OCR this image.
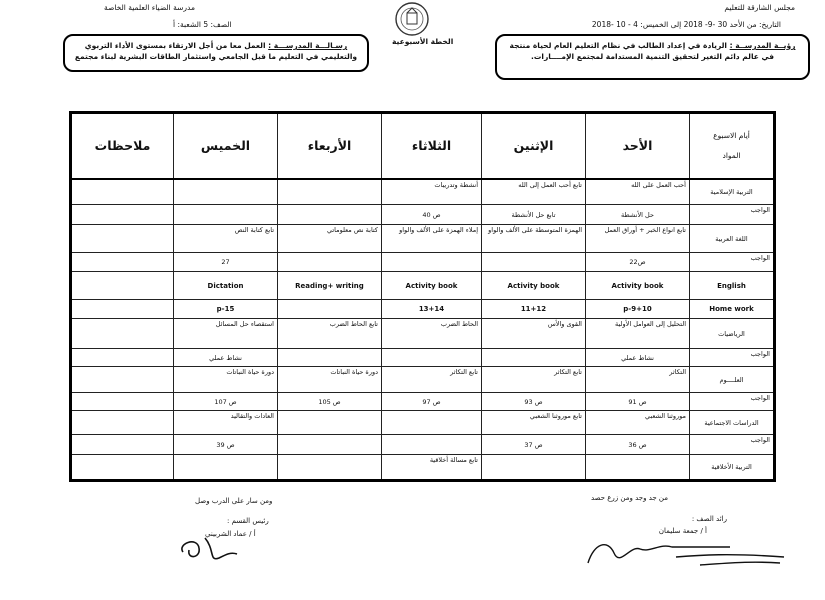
مجلس الشارقة للتعليم
مدرسة الضياء العلمية الخاصة
التاريخ: من الأحد 30 -9- 2018 إلى الخميس: 4 - 10 -2018
الصف: 5 الشعبة: أ
الخطة الأسبوعية	رؤيــة المدرســة : الريادة في إعداد الطالب في نظام التعليم العام لحياة منتجة في عالم دائم التغير لتحقيق التنمية المستدامة لمجتمع الإمــــارات.
رسـالـــة المدرســـة : العمل معا من أجل الارتقاء بمستوى الأداء التربوي والتعليمي في التعليم ما قبل الجامعي واستثمار الطاقات البشرية لبناء مجتمع
أيام الاسبوع
المواد	الأحد	الإثنين	الثلاثاء	الأربعاء	الخميس	ملاحظات
التربية الإسلامية	أحب العمل على الله	تابع أحب العمل إلى الله	أنشطة وتدريبات			
الواجب	حل الأنشطة	تابع حل الأنشطة	ص 40			
اللغة العربية	تابع انواع الخبر + أوراق العمل	الهمزة المتوسطة على الألف والواو	إملاء الهمزة على الألف والواو	كتابة نص معلوماتي	تابع كتابة النص	
الواجب	ص22				27	
English	Activity book	Activity book	Activity book	Reading+ writing	Dictation	
Home work	p-9+10	11+12	13+14		p-15	
الرياضيات	التحليل إلى العوامل الأولية	القوى والأس	الحاط الضرب	تابع الحاط الضرب	استقصاء حل المسائل	
الواجب	نشاط عملي				نشاط عملي	
العلــــوم	التكاثر	تابع التكاثر	تابع التكاثر	دورة حياة النباتات	دورة حياة النباتات	
الواجب	ص 91	ص 93	ص 97	ص 105	ص 107	
الدراسات الاجتماعية	موروثنا الشعبي	تابع موروثنا الشعبي			العادات والتقاليد	
الواجب	ص 36	ص 37			ص 39	
التربية الأخلاقية			تابع مسالة أخلاقية			

ومن سار على الدرب وصل	من جد وجد ومن زرع حصد
رئيس القسم :
أ / عماد الشربيني
رائد الصف :
أ / جمعة سليمان
